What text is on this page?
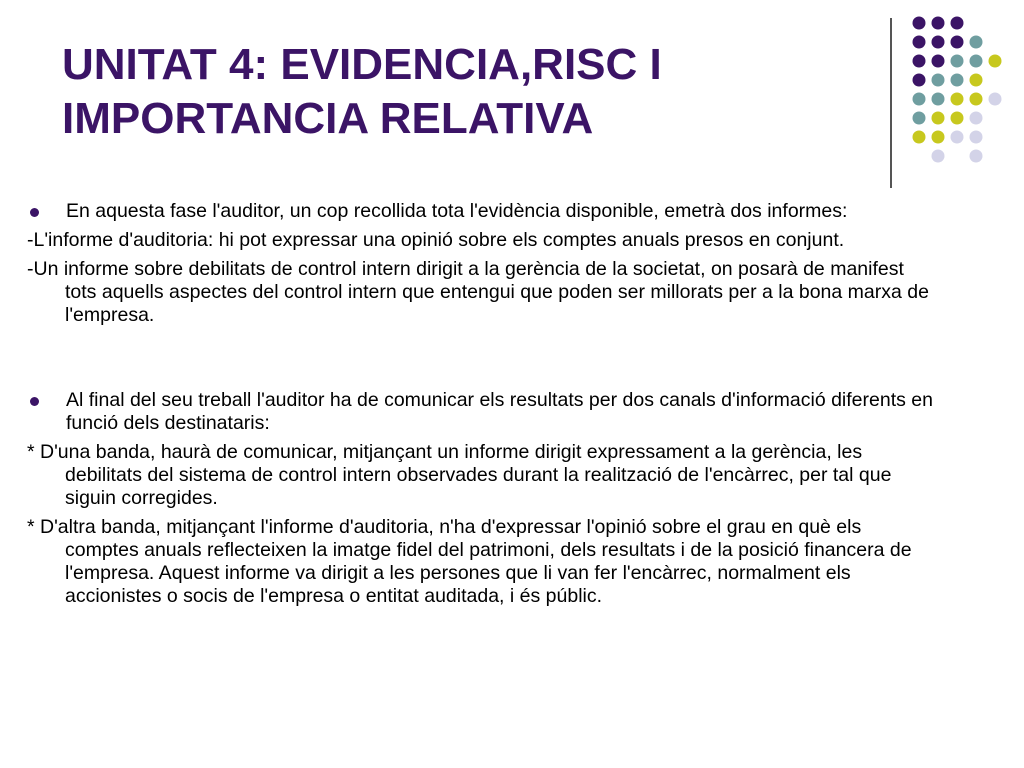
UNITAT 4: EVIDENCIA,RISC I
IMPORTANCIA RELATIVA
En aquesta fase l'auditor, un cop recollida tota l'evidència disponible, emetrà dos informes:

-L'informe d'auditoria: hi pot expressar una opinió sobre els comptes anuals presos en conjunt.

-Un informe sobre debilitats de control intern dirigit a la gerència de la societat, on posarà de manifest tots aquells aspectes del control intern que entengui que poden ser millorats per a la bona marxa de l'empresa.

Al final del seu treball l'auditor ha de comunicar els resultats per dos canals d'informació diferents en funció dels destinataris:

* D'una banda, haurà de comunicar, mitjançant un informe dirigit expressament a la gerència, les debilitats del sistema de control intern observades durant la realització de l'encàrrec, per tal que siguin corregides.

* D'altra banda, mitjançant l'informe d'auditoria, n'ha d'expressar l'opinió sobre el grau en què els comptes anuals reflecteixen la imatge fidel del patrimoni, dels resultats i de la posició financera de l'empresa. Aquest informe va dirigit a les persones que li van fer l'encàrrec, normalment els accionistes o socis de l'empresa o entitat auditada, i és públic.
